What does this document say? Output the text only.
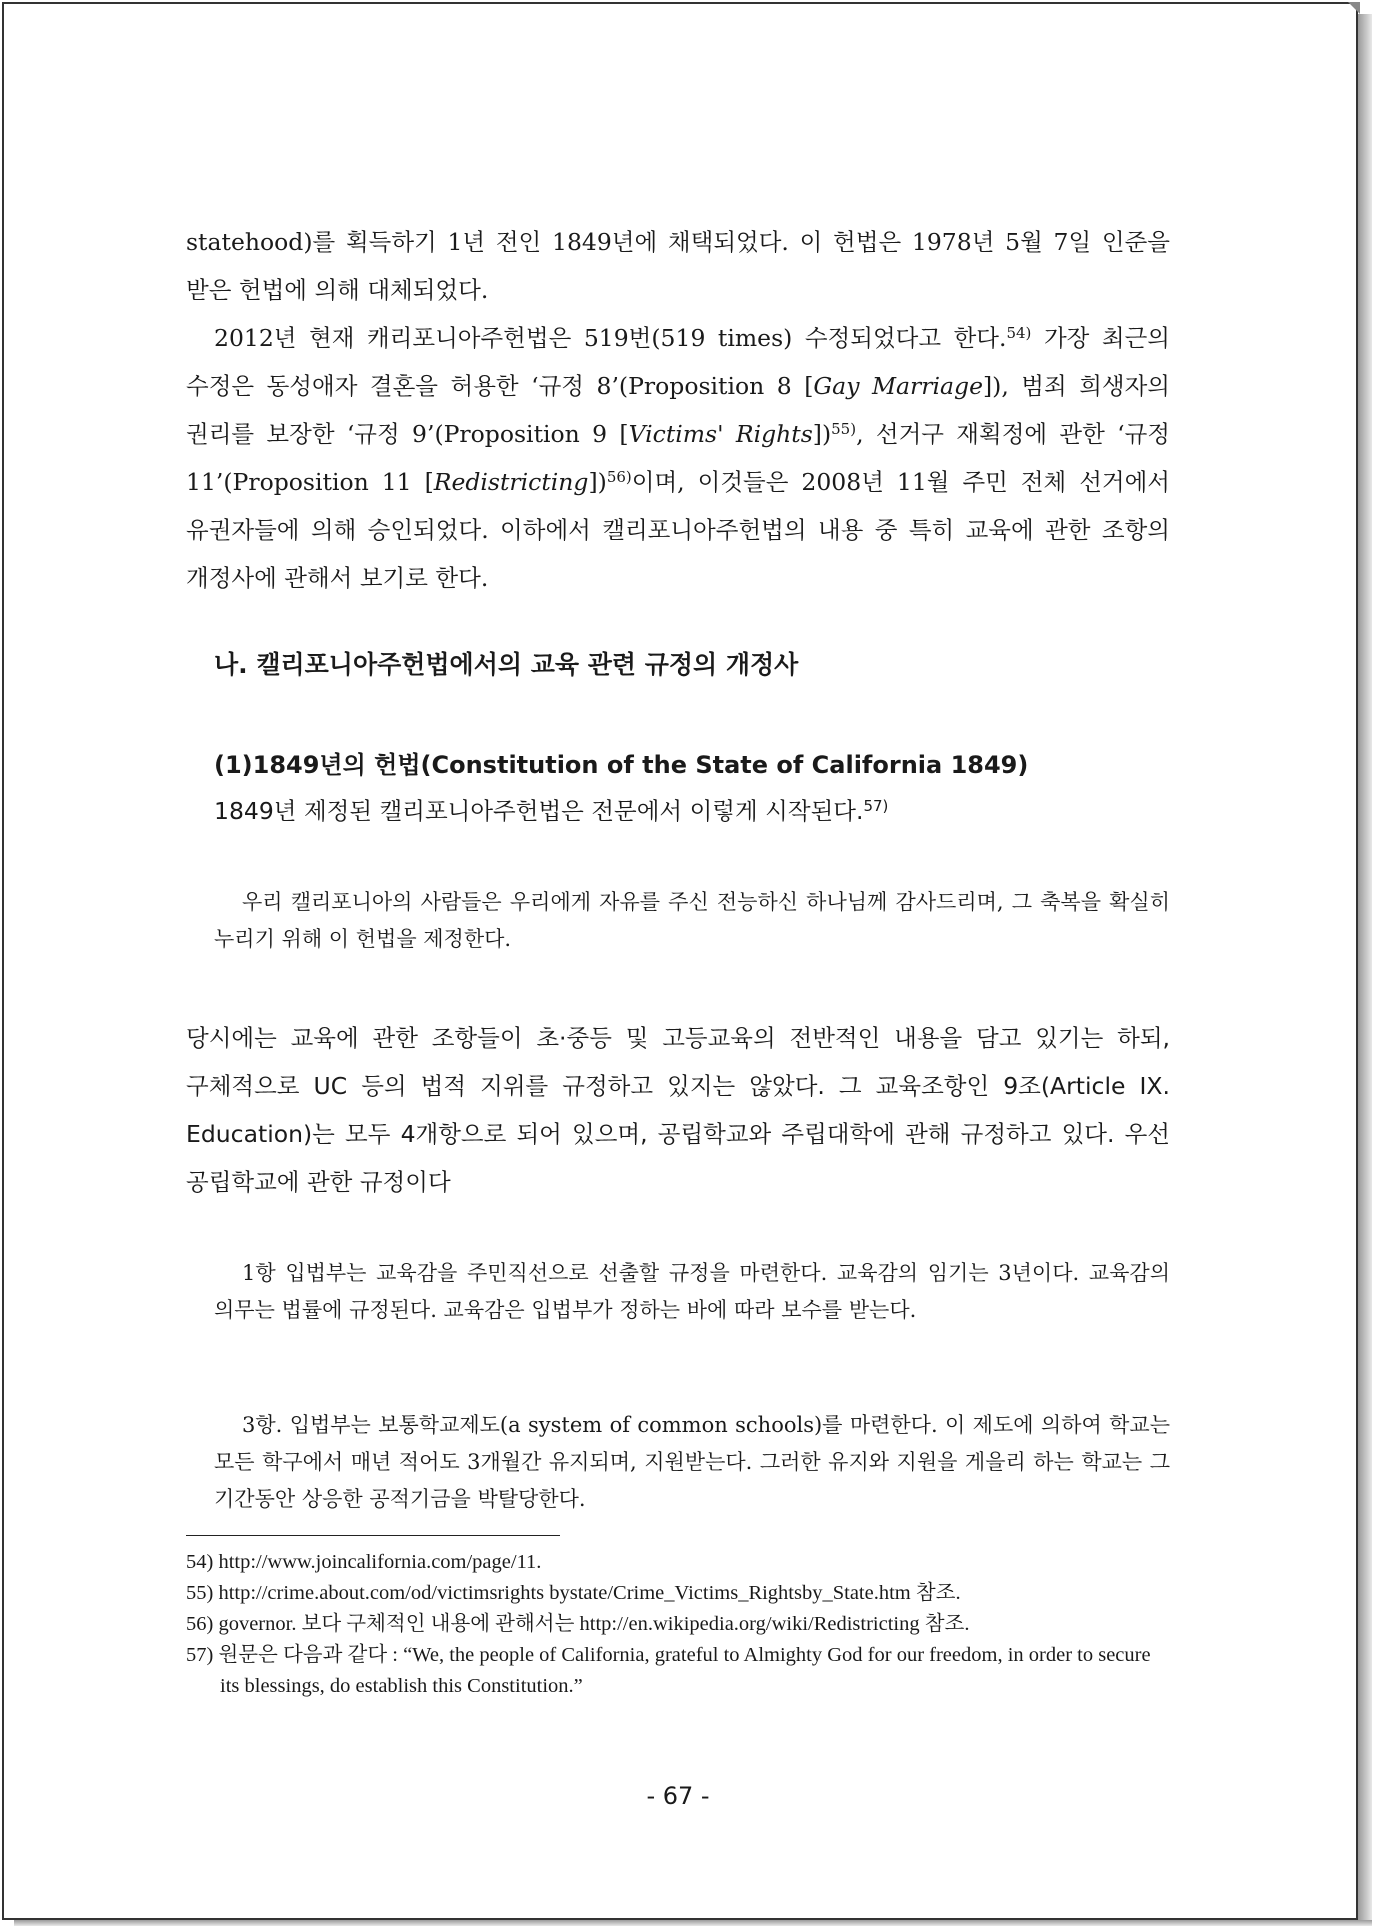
statehood)를 획득하기 1년 전인 1849년에 채택되었다. 이 헌법은 1978년 5월 7일 인준을 받은 헌법에 의해 대체되었다.
2012년 현재 캐리포니아주헌법은 519번(519 times) 수정되었다고 한다.$^{54)}$ 가장 최근의 수정은 동성애자 결혼을 허용한 ‘규정 8’(Proposition 8 [Gay Marriage]), 범죄 희생자의 권리를 보장한 ‘규정 9’(Proposition 9 [Victims' Rights])$^{55)}$, 선거구 재획정에 관한 ‘규정 11’(Proposition 11 [Redistricting])$^{56)}$이며, 이것들은 2008년 11월 주민 전체 선거에서 유권자들에 의해 승인되었다. 이하에서 캘리포니아주헌법의 내용 중 특히 교육에 관한 조항의 개정사에 관해서 보기로 한다.
나. 캘리포니아주헌법에서의 교육 관련 규정의 개정사
(1)1849년의 헌법(Constitution of the State of California 1849)
1849년 제정된 캘리포니아주헌법은 전문에서 이렇게 시작된다.$^{57)}$
우리 캘리포니아의 사람들은 우리에게 자유를 주신 전능하신 하나님께 감사드리며, 그 축복을 확실히 누리기 위해 이 헌법을 제정한다.
당시에는 교육에 관한 조항들이 초·중등 및 고등교육의 전반적인 내용을 담고 있기는 하되, 구체적으로 UC 등의 법적 지위를 규정하고 있지는 않았다. 그 교육조항인 9조(Article IX. Education)는 모두 4개항으로 되어 있으며, 공립학교와 주립대학에 관해 규정하고 있다. 우선 공립학교에 관한 규정이다
1항 입법부는 교육감을 주민직선으로 선출할 규정을 마련한다. 교육감의 임기는 3년이다. 교육감의 의무는 법률에 규정된다. 교육감은 입법부가 정하는 바에 따라 보수를 받는다.
3항. 입법부는 보통학교제도(a system of common schools)를 마련한다. 이 제도에 의하여 학교는 모든 학구에서 매년 적어도 3개월간 유지되며, 지원받는다. 그러한 유지와 지원을 게을리 하는 학교는 그 기간동안 상응한 공적기금을 박탈당한다.
54) http://www.joincalifornia.com/page/11.
55) http://crime.about.com/od/victimsrights bystate/Crime_Victims_Rightsby_State.htm 참조.
56) governor. 보다 구체적인 내용에 관해서는 http://en.wikipedia.org/wiki/Redistricting 참조.
57) 원문은 다음과 같다 : “We, the people of California, grateful to Almighty God for our freedom, in order to secure its blessings, do establish this Constitution.”
- 67 -
